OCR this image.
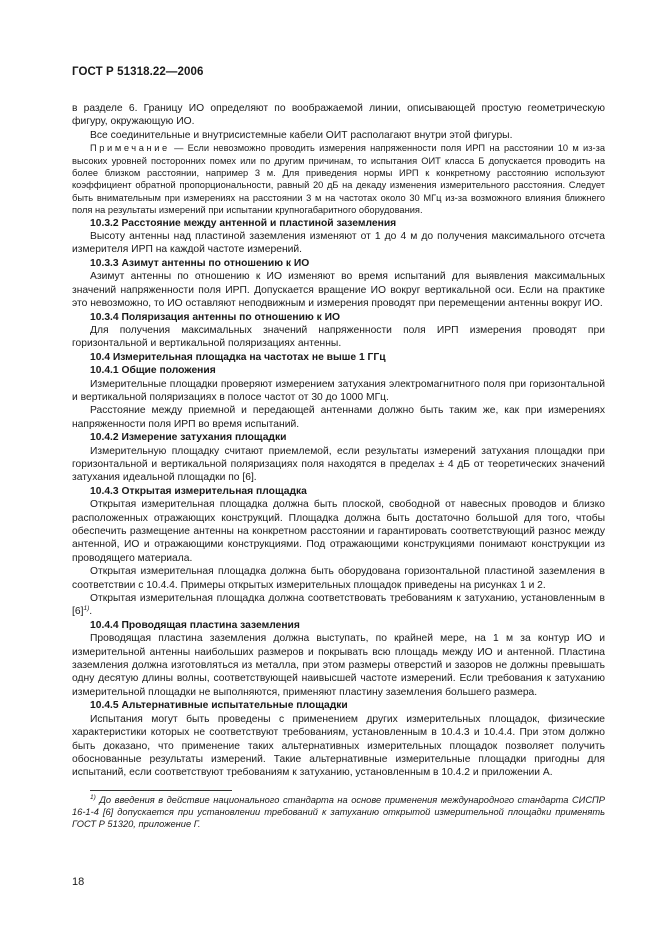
ГОСТ Р 51318.22—2006

в разделе 6. Границу ИО определяют по воображаемой линии, описывающей простую геометрическую фигуру, окружающую ИО.

Все соединительные и внутрисистемные кабели ОИТ располагают внутри этой фигуры.

Примечание — Если невозможно проводить измерения напряженности поля ИРП на расстоянии 10 м из-за высоких уровней посторонних помех или по другим причинам, то испытания ОИТ класса Б допускается проводить на более близком расстоянии, например 3 м. Для приведения нормы ИРП к конкретному расстоянию используют коэффициент обратной пропорциональности, равный 20 дБ на декаду изменения измерительного расстояния. Следует быть внимательным при измерениях на расстоянии 3 м на частотах около 30 МГц из-за возможного влияния ближнего поля на результаты измерений при испытании крупногабаритного оборудования.

10.3.2 Расстояние между антенной и пластиной заземления

Высоту антенны над пластиной заземления изменяют от 1 до 4 м до получения максимального отсчета измерителя ИРП на каждой частоте измерений.

10.3.3 Азимут антенны по отношению к ИО

Азимут антенны по отношению к ИО изменяют во время испытаний для выявления максимальных значений напряженности поля ИРП. Допускается вращение ИО вокруг вертикальной оси. Если на практике это невозможно, то ИО оставляют неподвижным и измерения проводят при перемещении антенны вокруг ИО.

10.3.4 Поляризация антенны по отношению к ИО

Для получения максимальных значений напряженности поля ИРП измерения проводят при горизонтальной и вертикальной поляризациях антенны.

10.4 Измерительная площадка на частотах не выше 1 ГГц
10.4.1 Общие положения

Измерительные площадки проверяют измерением затухания электромагнитного поля при горизонтальной и вертикальной поляризациях в полосе частот от 30 до 1000 МГц.

Расстояние между приемной и передающей антеннами должно быть таким же, как при измерениях напряженности поля ИРП во время испытаний.

10.4.2 Измерение затухания площадки

Измерительную площадку считают приемлемой, если результаты измерений затухания площадки при горизонтальной и вертикальной поляризациях поля находятся в пределах ± 4 дБ от теоретических значений затухания идеальной площадки по [6].

10.4.3 Открытая измерительная площадка

Открытая измерительная площадка должна быть плоской, свободной от навесных проводов и близко расположенных отражающих конструкций. Площадка должна быть достаточно большой для того, чтобы обеспечить размещение антенны на конкретном расстоянии и гарантировать соответствующий разнос между антенной, ИО и отражающими конструкциями. Под отражающими конструкциями понимают конструкции из проводящего материала.

Открытая измерительная площадка должна быть оборудована горизонтальной пластиной заземления в соответствии с 10.4.4. Примеры открытых измерительных площадок приведены на рисунках 1 и 2.

Открытая измерительная площадка должна соответствовать требованиям к затуханию, установленным в $[6]^{1)}$.

10.4.4 Проводящая пластина заземления

Проводящая пластина заземления должна выступать, по крайней мере, на 1 м за контур ИО и измерительной антенны наибольших размеров и покрывать всю площадь между ИО и антенной. Пластина заземления должна изготовляться из металла, при этом размеры отверстий и зазоров не должны превышать одну десятую длины волны, соответствующей наивысшей частоте измерений. Если требования к затуханию измерительной площадки не выполняются, применяют пластину заземления большего размера.

10.4.5 Альтернативные испытательные площадки

Испытания могут быть проведены с применением других измерительных площадок, физические характеристики которых не соответствуют требованиям, установленным в 10.4.3 и 10.4.4. При этом должно быть доказано, что применение таких альтернативных измерительных площадок позволяет получить обоснованные результаты измерений. Такие альтернативные измерительные площадки пригодны для испытаний, если соответствуют требованиям к затуханию, установленным в 10.4.2 и приложении А.

$^{1)}$ До введения в действие национального стандарта на основе применения международного стандарта СИСПР 16-1-4 [6] допускается при установлении требований к затуханию открытой измерительной площадки применять ГОСТ Р 51320, приложение Г.

18
